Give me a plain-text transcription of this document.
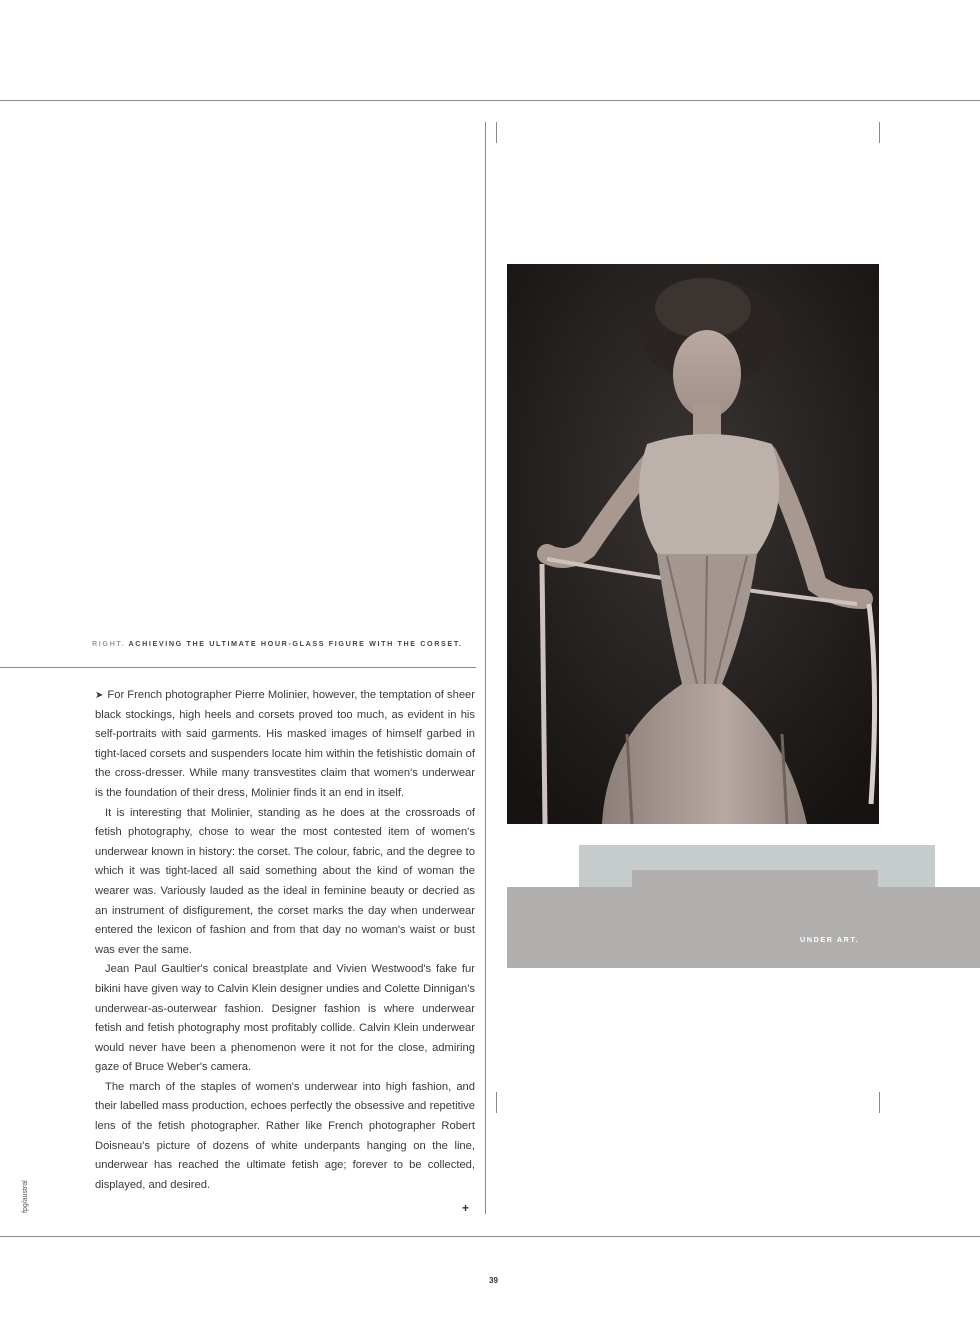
RIGHT. ACHIEVING THE ULTIMATE HOUR-GLASS FIGURE WITH THE CORSET.

➤ For French photographer Pierre Molinier, however, the temptation of sheer black stockings, high heels and corsets proved too much, as evident in his self-portraits with said garments. His masked images of himself garbed in tight-laced corsets and suspenders locate him within the fetishistic domain of the cross-dresser. While many transvestites claim that women's underwear is the foundation of their dress, Molinier finds it an end in itself.

It is interesting that Molinier, standing as he does at the crossroads of fetish photography, chose to wear the most contested item of women's underwear known in history: the corset. The colour, fabric, and the degree to which it was tight-laced all said something about the kind of woman the wearer was. Variously lauded as the ideal in feminine beauty or decried as an instrument of disfigurement, the corset marks the day when underwear entered the lexicon of fashion and from that day no woman's waist or bust was ever the same.

Jean Paul Gaultier's conical breastplate and Vivien Westwood's fake fur bikini have given way to Calvin Klein designer undies and Colette Dinnigan's underwear-as-outerwear fashion. Designer fashion is where underwear fetish and fetish photography most profitably collide. Calvin Klein underwear would never have been a phenomenon were it not for the close, admiring gaze of Bruce Weber's camera.

The march of the staples of women's underwear into high fashion, and their labelled mass production, echoes perfectly the obsessive and repetitive lens of the fetish photographer. Rather like French photographer Robert Doisneau's picture of dozens of white underpants hanging on the line, underwear has reached the ultimate fetish age; forever to be collected, displayed, and desired.

+
UNDER ART.
fpg/austral
39
